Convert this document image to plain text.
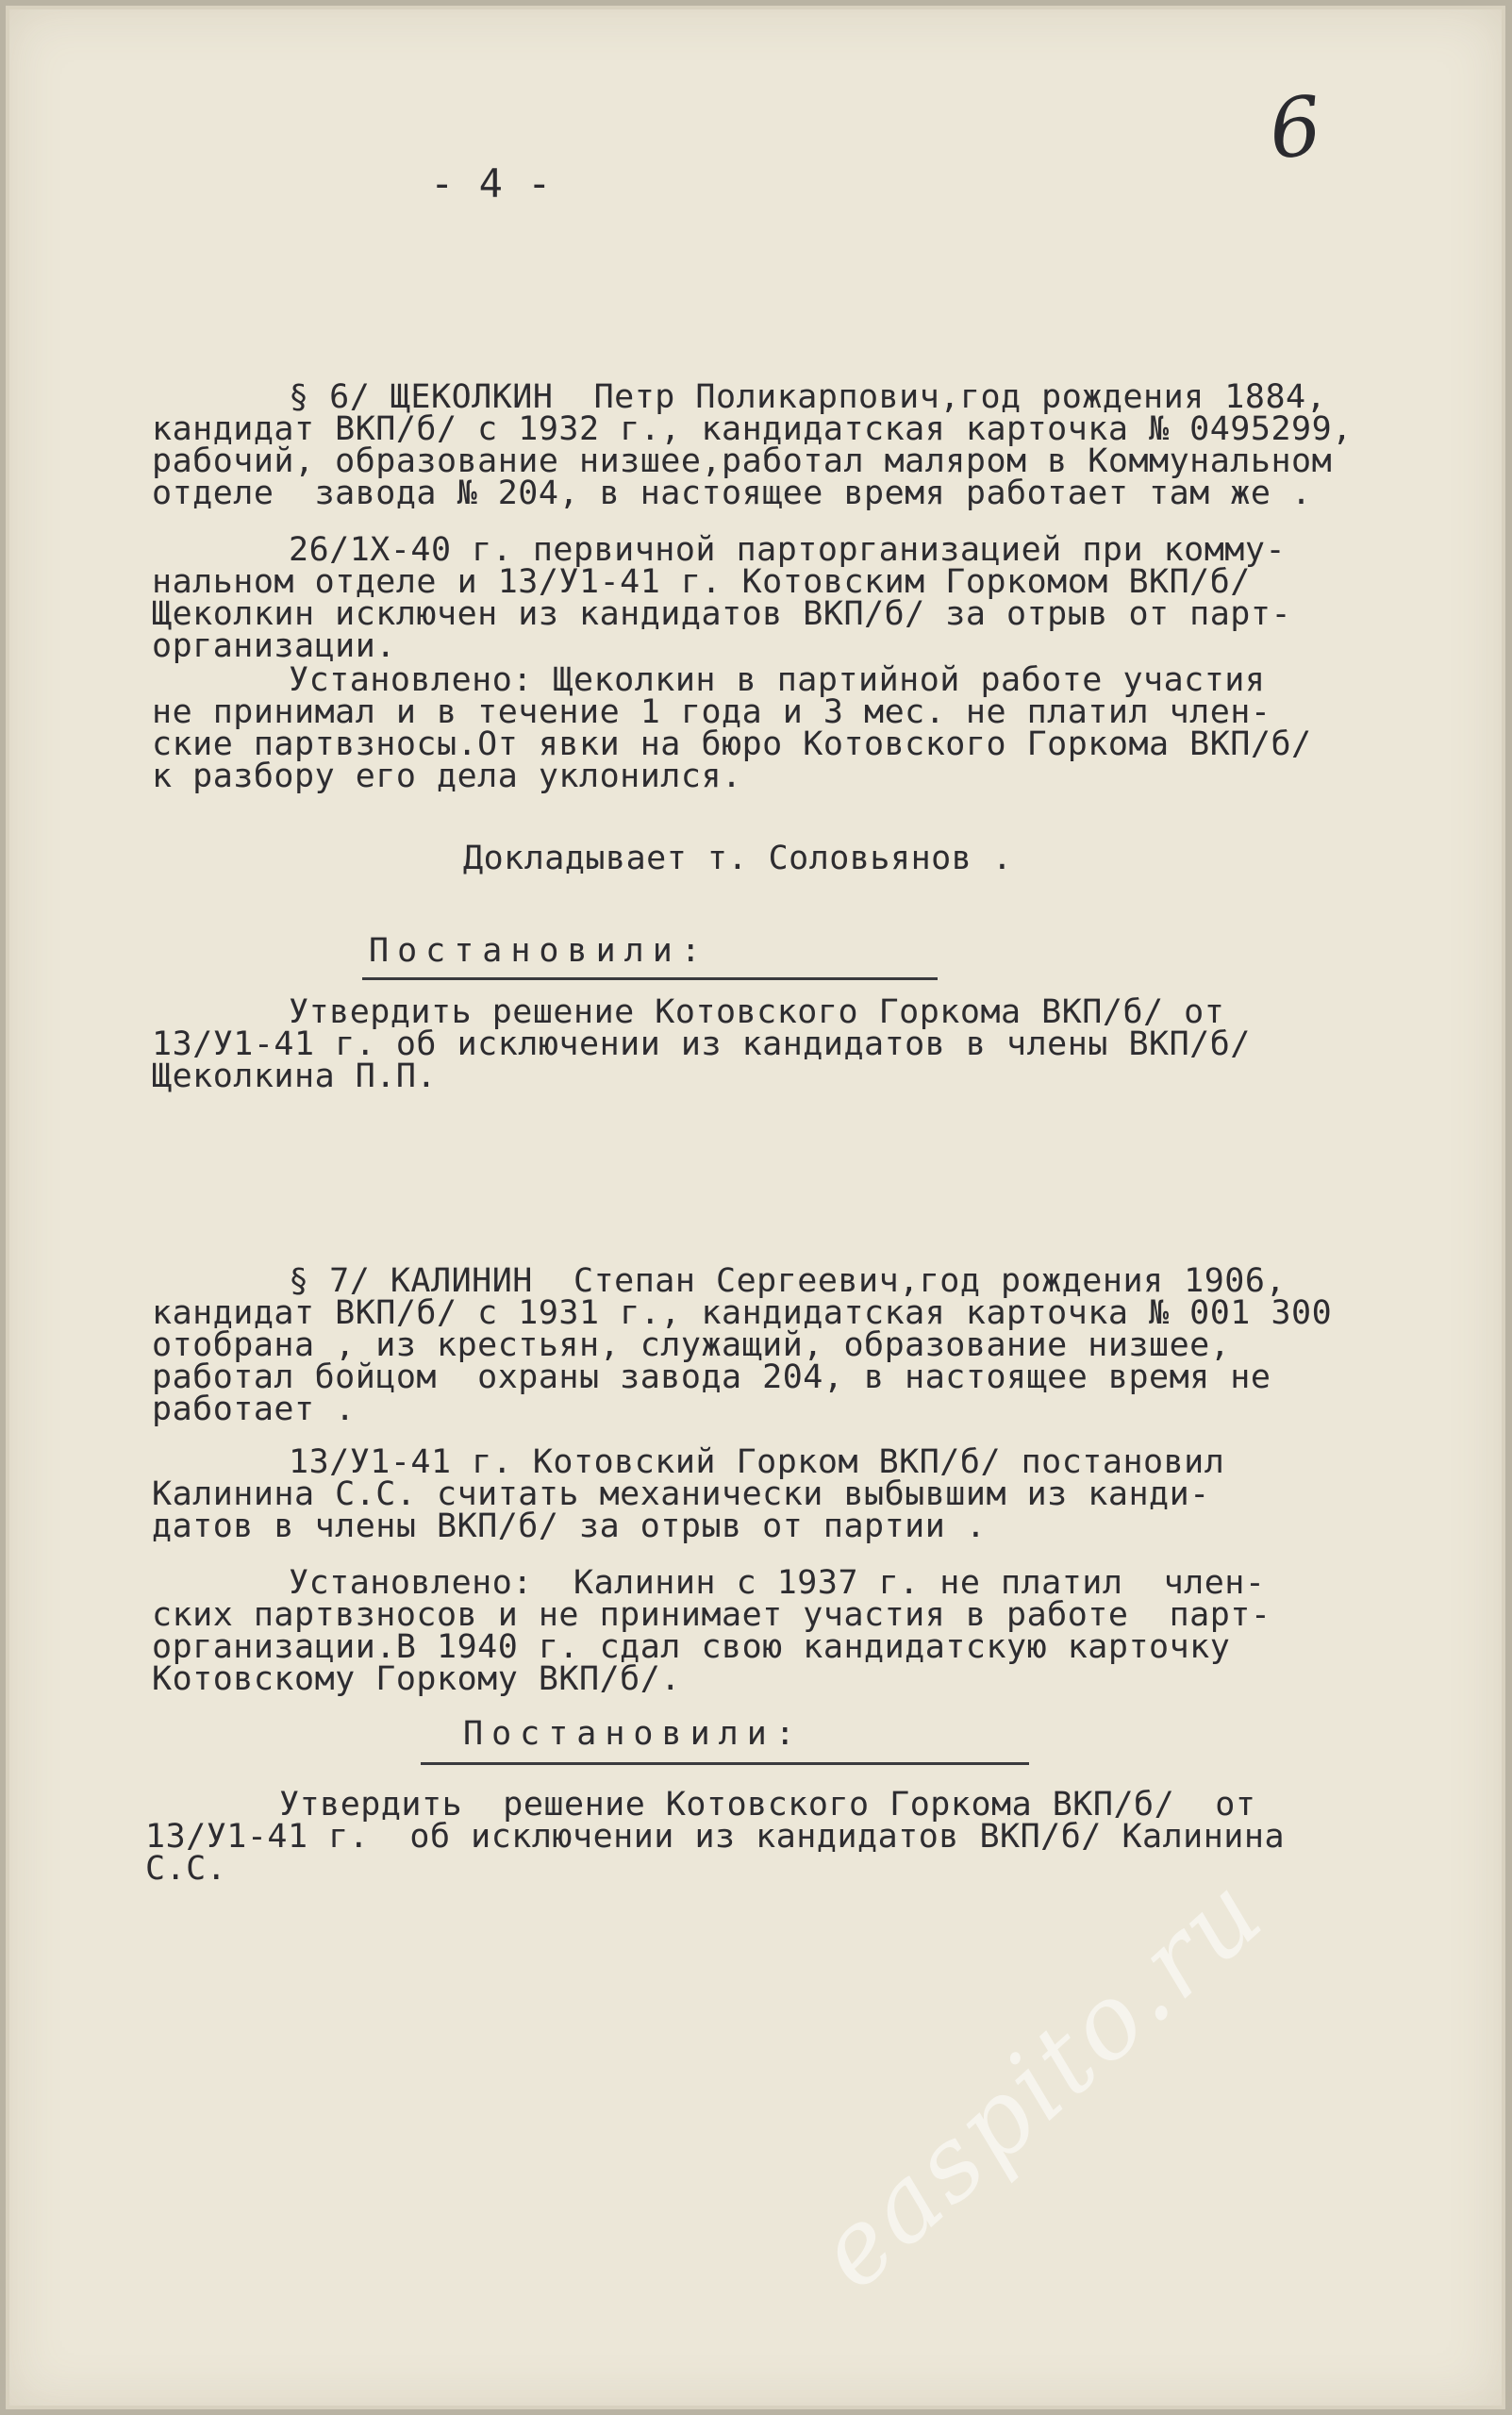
6
- 4 -
§ 6/ ЩЕКОЛКИН  Петр Поликарпович,год рождения 1884,
кандидат ВКП/б/ с 1932 г., кандидатская карточка № 0495299,
рабочий, образование низшее,работал маляром в Коммунальном
отделе  завода № 204, в настоящее время работает там же .
26/1Х-40 г. первичной парторганизацией при комму-
нальном отделе и 13/У1-41 г. Котовским Горкомом ВКП/б/
Щеколкин исключен из кандидатов ВКП/б/ за отрыв от парт-
организации.
Установлено: Щеколкин в партийной работе участия
не принимал и в течение 1 года и 3 мес. не платил член-
ские партвзносы.От явки на бюро Котовского Горкома ВКП/б/
к разбору его дела уклонился.
Докладывает т. Соловьянов .
Постановили:
Утвердить решение Котовского Горкома ВКП/б/ от
13/У1-41 г. об исключении из кандидатов в члены ВКП/б/
Щеколкина П.П.
§ 7/ КАЛИНИН  Степан Сергеевич,год рождения 1906,
кандидат ВКП/б/ с 1931 г., кандидатская карточка № 001 300
отобрана , из крестьян, служащий, образование низшее,
работал бойцом  охраны завода 204, в настоящее время не
работает .
13/У1-41 г. Котовский Горком ВКП/б/ постановил
Калинина С.С. считать механически выбывшим из канди-
датов в члены ВКП/б/ за отрыв от партии .
Установлено:  Калинин с 1937 г. не платил  член-
ских партвзносов и не принимает участия в работе  парт-
организации.В 1940 г. сдал свою кандидатскую карточку
Котовскому Горкому ВКП/б/.
Постановили:
Утвердить  решение Котовского Горкома ВКП/б/  от
13/У1-41 г.  об исключении из кандидатов ВКП/б/ Калинина
С.С.	easpito.ru
